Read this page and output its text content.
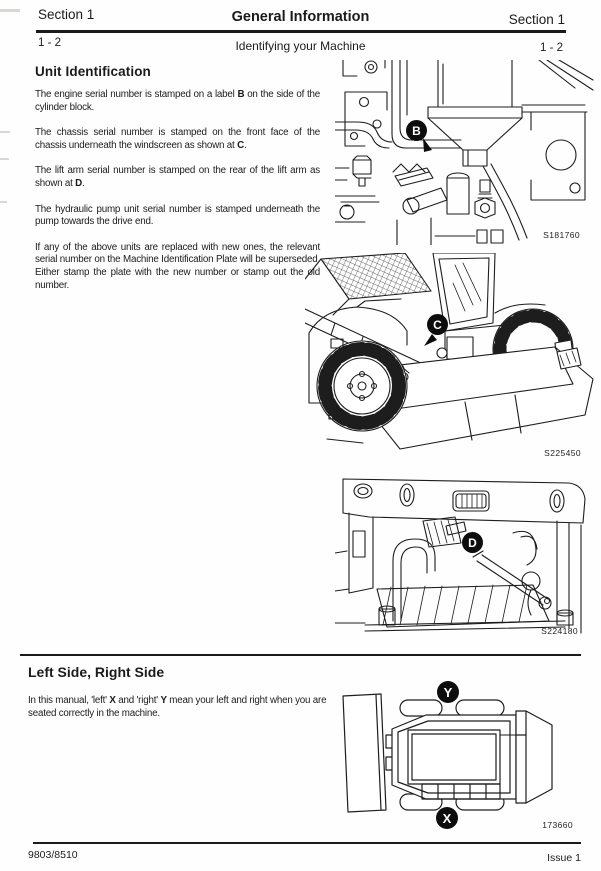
Section 1	General Information	Section 1
1 - 2	Identifying your Machine	1 - 2
Unit Identification

The engine serial number is stamped on a label B on the side of the cylinder block.

The chassis serial number is stamped on the front face of the chassis underneath the windscreen as shown at C.

The lift arm serial number is stamped on the rear of the lift arm as shown at D.

The hydraulic pump unit serial number is stamped underneath the pump towards the drive end.

If any of the above units are replaced with new ones, the relevant serial number on the Machine Identification Plate will be superseded. Either stamp the plate with the new number or stamp out the old number.

S181760
B
S225450
C
S224180
D
Left Side, Right Side

In this manual, 'left' X and 'right' Y mean your left and right when you are seated correctly in the machine.

173660
Y
X
9803/8510	Issue 1
